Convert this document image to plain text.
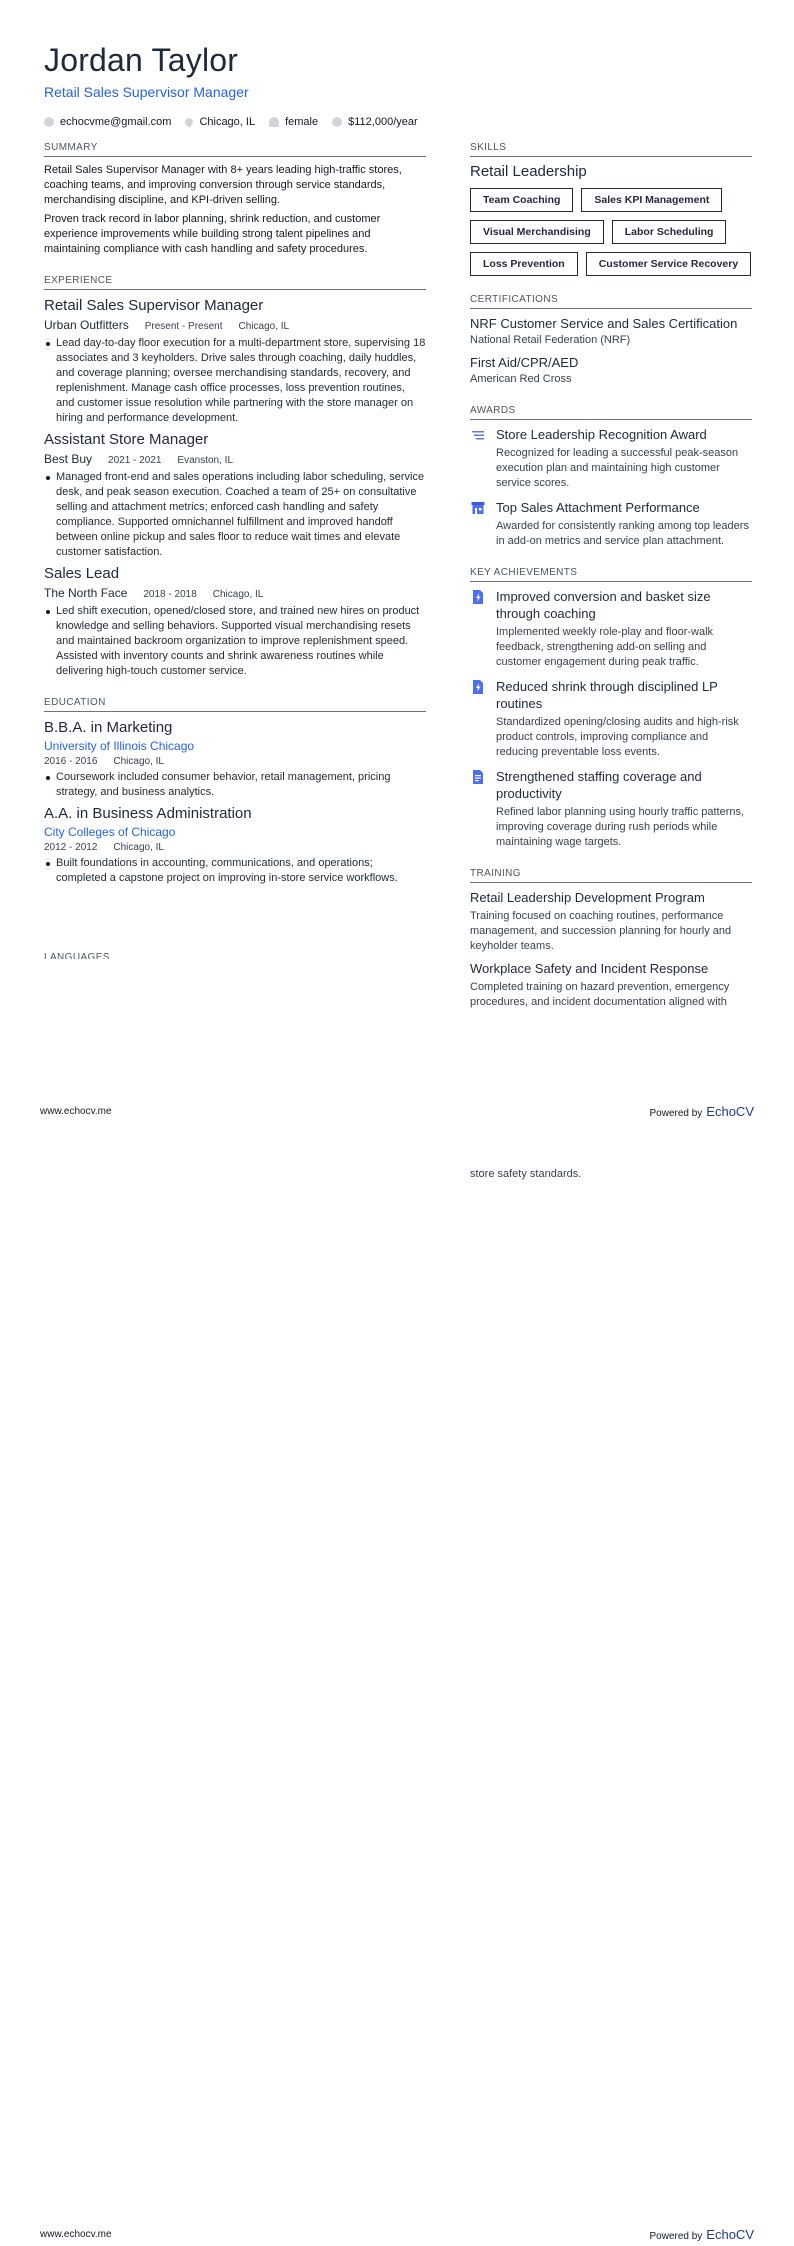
Jordan Taylor
Retail Sales Supervisor Manager
echocvme@gmail.com	Chicago, IL	female	$112,000/year
SUMMARY

Retail Sales Supervisor Manager with 8+ years leading high-traffic stores, coaching teams, and improving conversion through service standards, merchandising discipline, and KPI-driven selling.

Proven track record in labor planning, shrink reduction, and customer experience improvements while building strong talent pipelines and maintaining compliance with cash handling and safety procedures.

EXPERIENCE
Retail Sales Supervisor Manager
Urban Outfitters Present - Present Chicago, IL
Lead day-to-day floor execution for a multi-department store, supervising 18 associates and 3 keyholders. Drive sales through coaching, daily huddles, and coverage planning; oversee merchandising standards, recovery, and replenishment. Manage cash office processes, loss prevention routines, and customer issue resolution while partnering with the store manager on hiring and performance development.
Assistant Store Manager
Best Buy 2021 - 2021 Evanston, IL
Managed front-end and sales operations including labor scheduling, service desk, and peak season execution. Coached a team of 25+ on consultative selling and attachment metrics; enforced cash handling and safety compliance. Supported omnichannel fulfillment and improved handoff between online pickup and sales floor to reduce wait times and elevate customer satisfaction.
Sales Lead
The North Face 2018 - 2018 Chicago, IL
Led shift execution, opened/closed store, and trained new hires on product knowledge and selling behaviors. Supported visual merchandising resets and maintained backroom organization to improve replenishment speed. Assisted with inventory counts and shrink awareness routines while delivering high-touch customer service.
EDUCATION
B.B.A. in Marketing
University of Illinois Chicago
2016 - 2016 Chicago, IL
Coursework included consumer behavior, retail management, pricing strategy, and business analytics.
A.A. in Business Administration
City Colleges of Chicago
2012 - 2012 Chicago, IL
Built foundations in accounting, communications, and operations; completed a capstone project on improving in-store service workflows.
LANGUAGES
SKILLS
Retail Leadership
Team Coaching	Sales KPI Management
Visual Merchandising	Labor Scheduling
Loss Prevention	Customer Service Recovery
CERTIFICATIONS
NRF Customer Service and Sales Certification
National Retail Federation (NRF)
First Aid/CPR/AED
American Red Cross
AWARDS
Store Leadership Recognition Award
Recognized for leading a successful peak-season execution plan and maintaining high customer service scores.
Top Sales Attachment Performance
Awarded for consistently ranking among top leaders in add-on metrics and service plan attachment.
KEY ACHIEVEMENTS
Improved conversion and basket size through coaching
Implemented weekly role-play and floor-walk feedback, strengthening add-on selling and customer engagement during peak traffic.
Reduced shrink through disciplined LP routines
Standardized opening/closing audits and high-risk product controls, improving compliance and reducing preventable loss events.
Strengthened staffing coverage and productivity
Refined labor planning using hourly traffic patterns, improving coverage during rush periods while maintaining wage targets.
TRAINING
Retail Leadership Development Program
Training focused on coaching routines, performance management, and succession planning for hourly and keyholder teams.
Workplace Safety and Incident Response
Completed training on hazard prevention, emergency procedures, and incident documentation aligned with
www.echocv.me	Powered by EchoCV
store safety standards.
www.echocv.me	Powered by EchoCV
